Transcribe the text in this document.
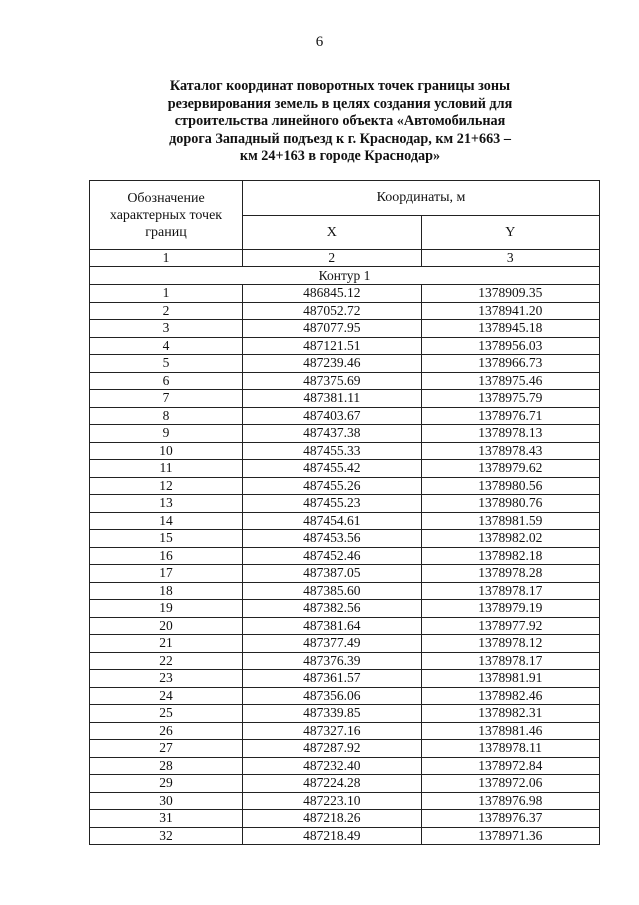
6
Каталог координат поворотных точек границы зоны
резервирования земель в целях создания условий для
строительства линейного объекта «Автомобильная
дорога Западный подъезд к г. Краснодар, км 21+663 –
км 24+163 в городе Краснодар»
Обозначение характерных точек границ	Координаты, м	
	X	Y
1	2	3
Контур 1		
1	486845.12	1378909.35
2	487052.72	1378941.20
3	487077.95	1378945.18
4	487121.51	1378956.03
5	487239.46	1378966.73
6	487375.69	1378975.46
7	487381.11	1378975.79
8	487403.67	1378976.71
9	487437.38	1378978.13
10	487455.33	1378978.43
11	487455.42	1378979.62
12	487455.26	1378980.56
13	487455.23	1378980.76
14	487454.61	1378981.59
15	487453.56	1378982.02
16	487452.46	1378982.18
17	487387.05	1378978.28
18	487385.60	1378978.17
19	487382.56	1378979.19
20	487381.64	1378977.92
21	487377.49	1378978.12
22	487376.39	1378978.17
23	487361.57	1378981.91
24	487356.06	1378982.46
25	487339.85	1378982.31
26	487327.16	1378981.46
27	487287.92	1378978.11
28	487232.40	1378972.84
29	487224.28	1378972.06
30	487223.10	1378976.98
31	487218.26	1378976.37
32	487218.49	1378971.36
